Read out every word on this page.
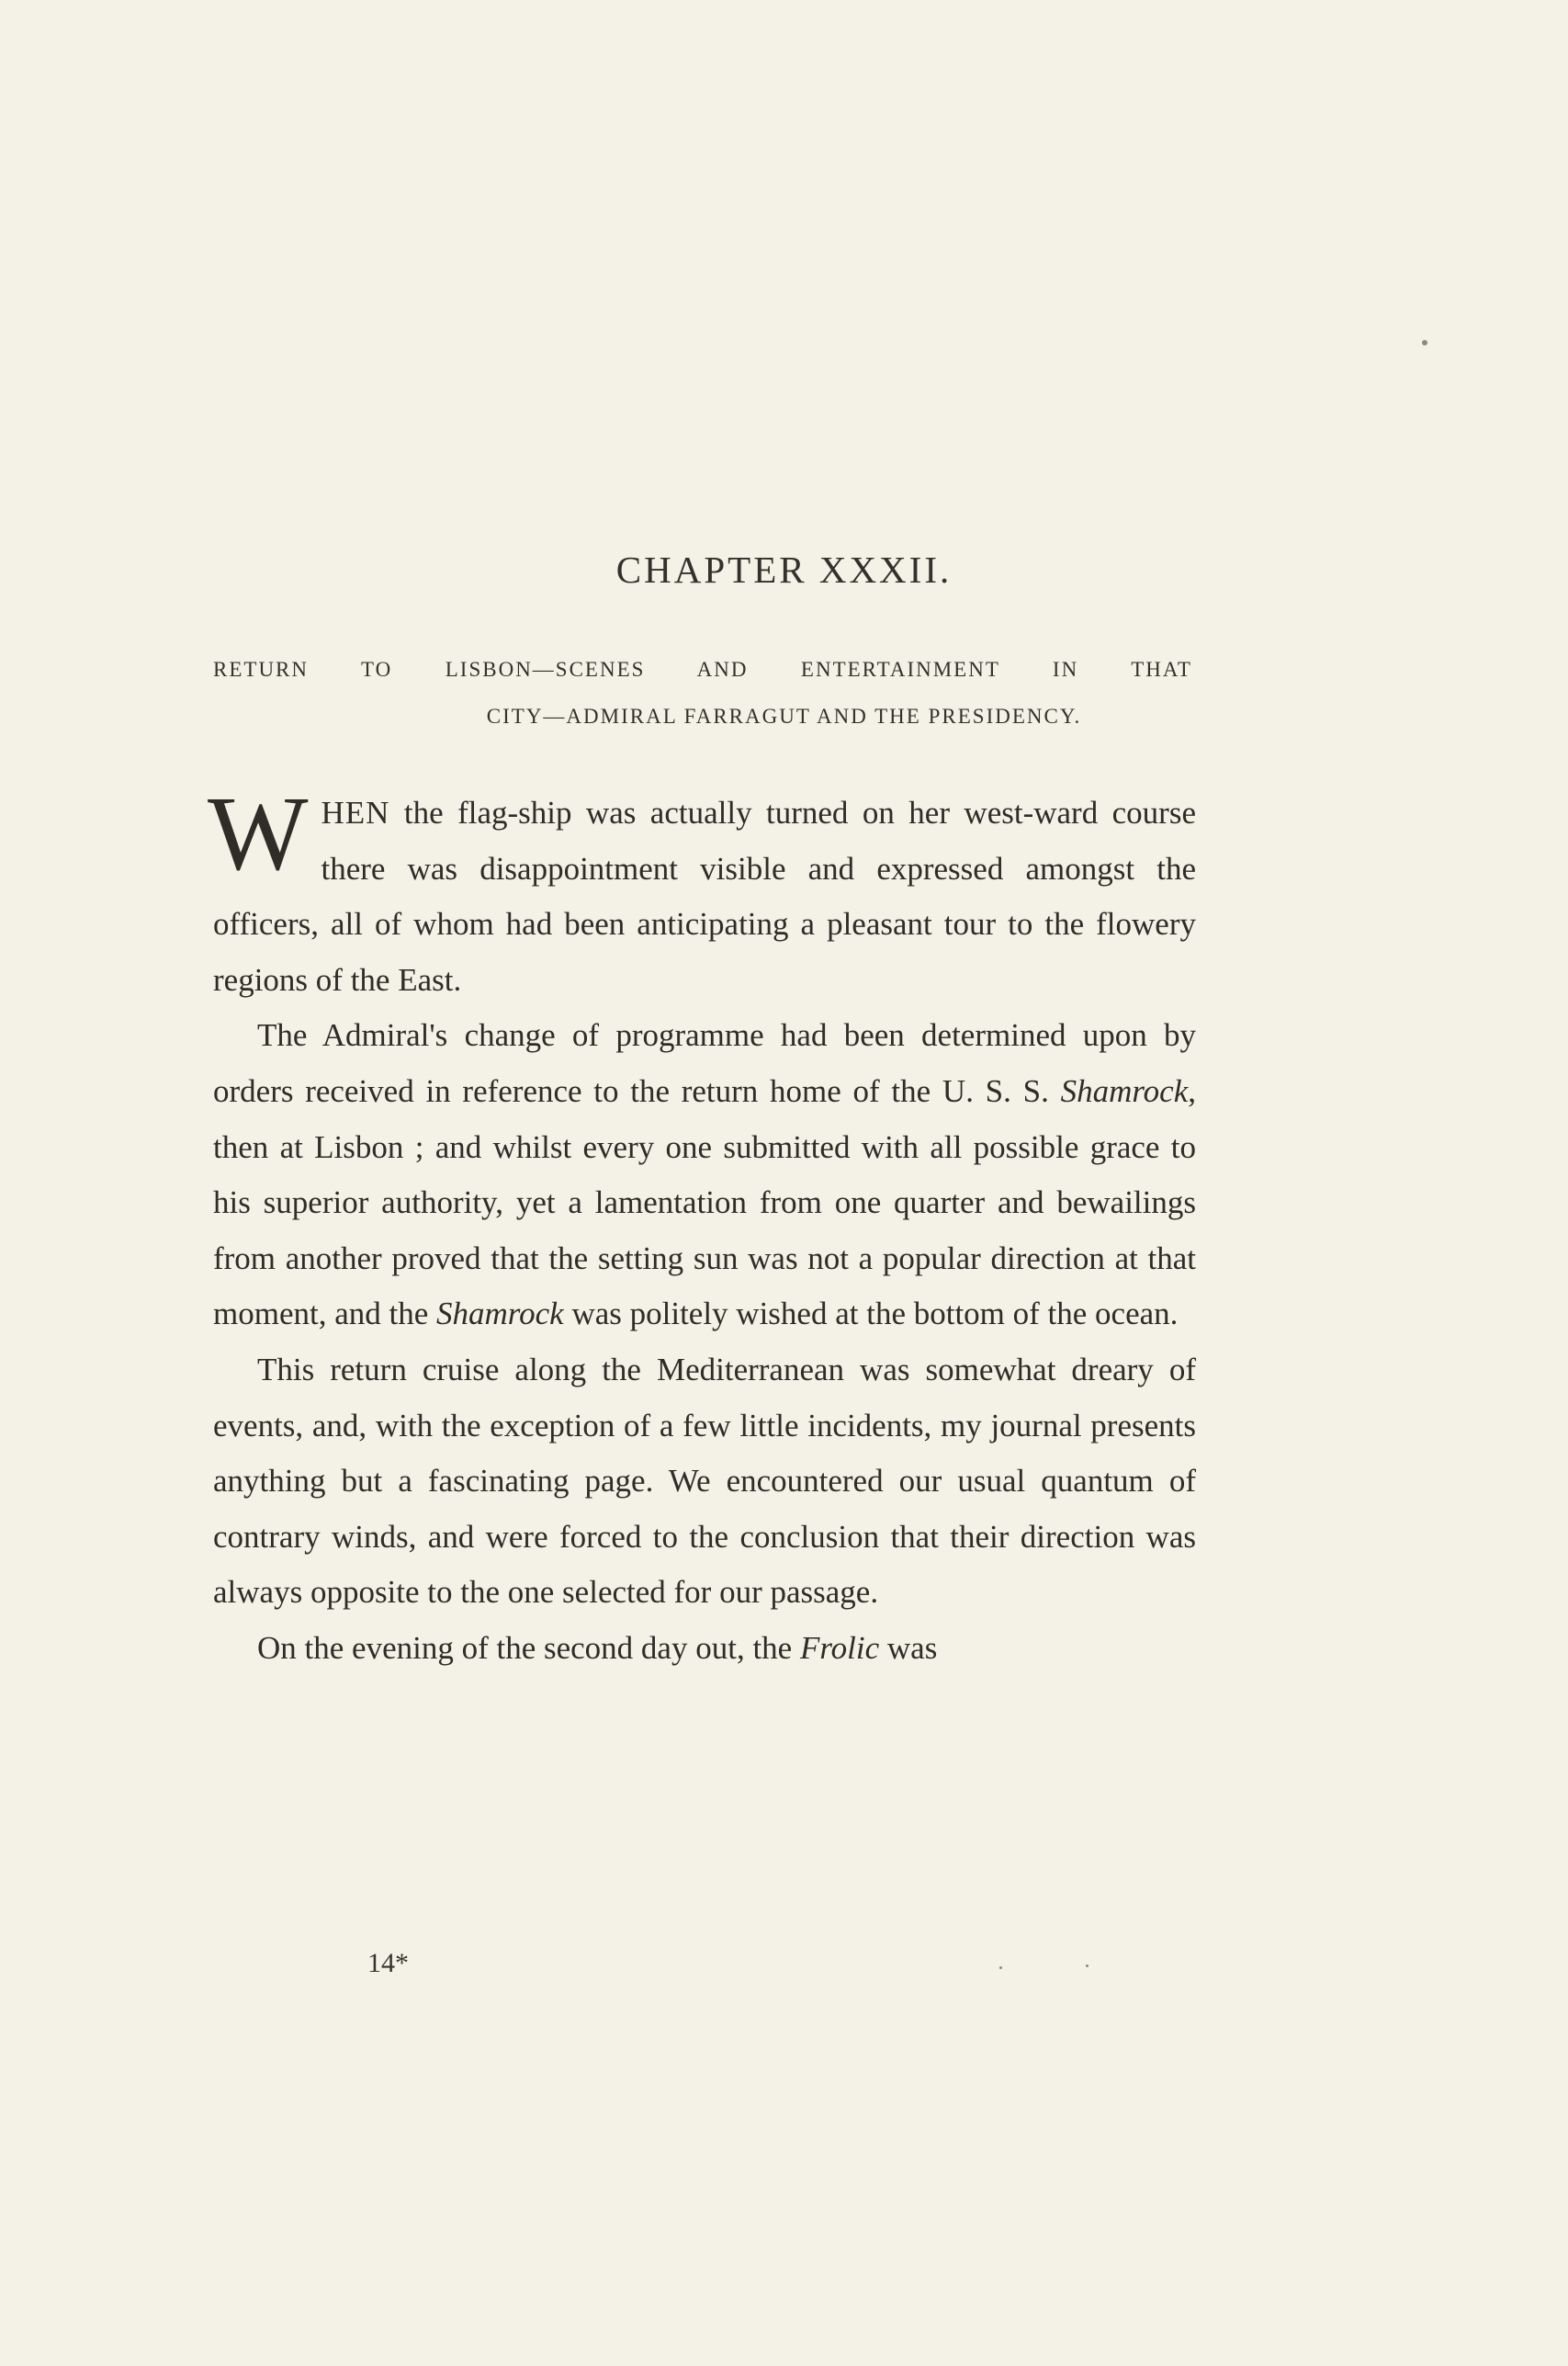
CHAPTER XXXII.
RETURN TO LISBON—SCENES AND ENTERTAINMENT IN THAT
CITY—ADMIRAL FARRAGUT AND THE PRESIDENCY.

WHEN the flag-ship was actually turned on her west-ward course there was disappointment visible and expressed amongst the officers, all of whom had been anticipating a pleasant tour to the flowery regions of the East.

The Admiral's change of programme had been determined upon by orders received in reference to the return home of the U. S. S. Shamrock, then at Lisbon ; and whilst every one submitted with all possible grace to his superior authority, yet a lamentation from one quarter and bewailings from another proved that the setting sun was not a popular direction at that moment, and the Shamrock was politely wished at the bottom of the ocean.

This return cruise along the Mediterranean was somewhat dreary of events, and, with the exception of a few little incidents, my journal presents anything but a fascinating page. We encountered our usual quantum of contrary winds, and were forced to the conclusion that their direction was always opposite to the one selected for our passage.

On the evening of the second day out, the Frolic was

14*
